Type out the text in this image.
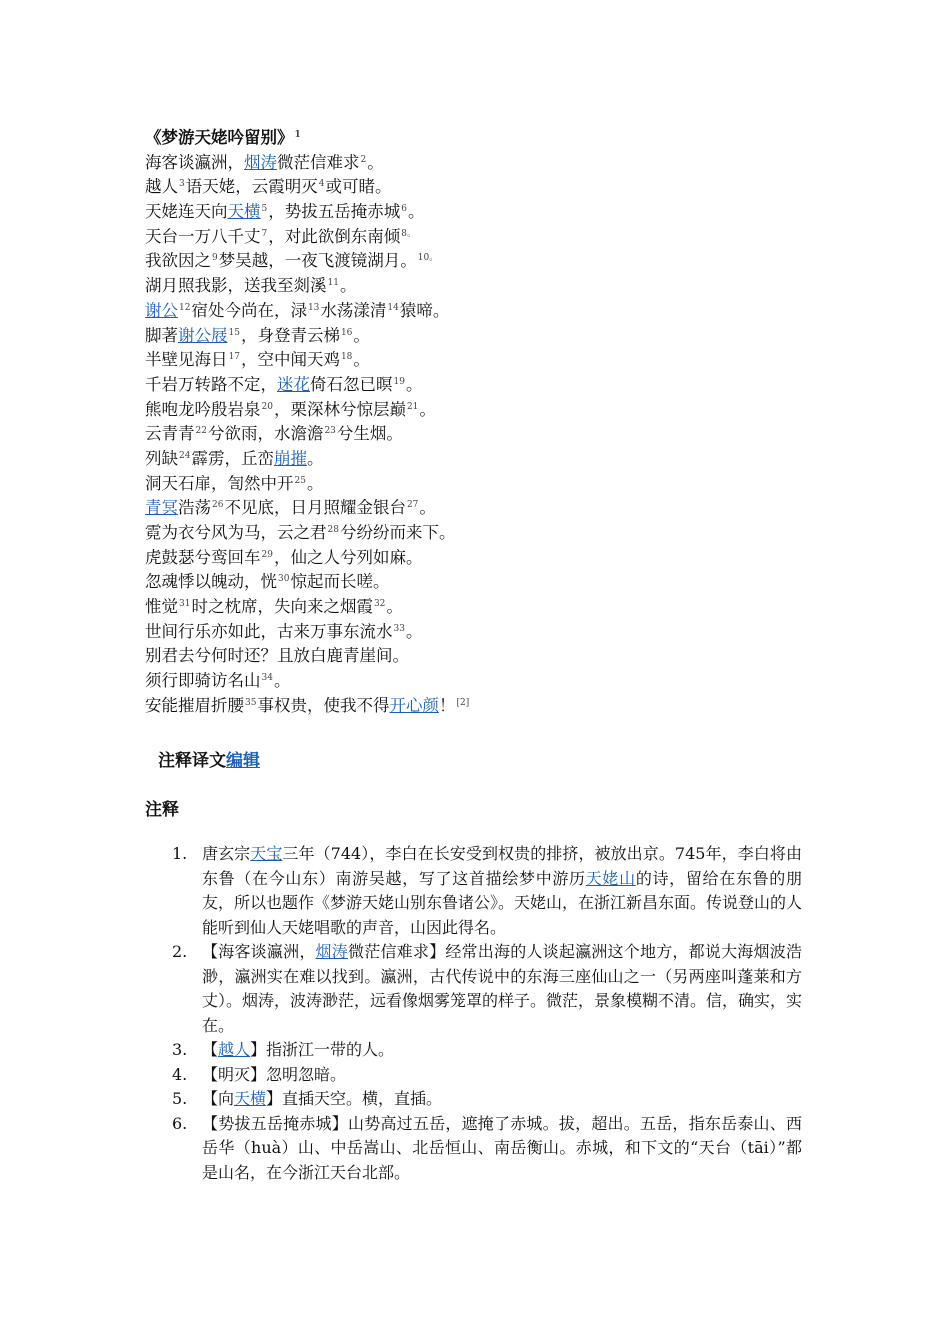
《梦游天姥吟留别》$^1$
海客谈瀛洲，烟涛微茫信难求$^2$。
越人$^3$语天姥，云霞明灭$^4$或可睹。
天姥连天向天横$^5$，势拔五岳掩赤城$^6$。
天台一万八千丈$^7$，对此欲倒东南倾$^{8。}$
我欲因之$^9$梦吴越，一夜飞渡镜湖月。$^{10。}$
湖月照我影，送我至剡溪$^{11}$。
谢公$^{12}$宿处今尚在，渌$^{13}$水荡漾清$^{14}$猿啼。
脚著谢公屐$^{15}$，身登青云梯$^{16}$。
半壁见海日$^{17}$，空中闻天鸡$^{18}$。
千岩万转路不定，迷花倚石忽已暝$^{19}$。
熊咆龙吟殷岩泉$^{20}$，栗深林兮惊层巅$^{21}$。
云青青$^{22}$兮欲雨，水澹澹$^{23}$兮生烟。
列缺$^{24}$霹雳，丘峦崩摧。
洞天石扉，訇然中开$^{25}$。
青冥浩荡$^{26}$不见底，日月照耀金银台$^{27}$。
霓为衣兮风为马，云之君$^{28}$兮纷纷而来下。
虎鼓瑟兮鸾回车$^{29}$，仙之人兮列如麻。
忽魂悸以魄动，恍$^{30}$惊起而长嗟。
惟觉$^{31}$时之枕席，失向来之烟霞$^{32}$。
世间行乐亦如此，古来万事东流水$^{33}$。
别君去兮何时还？且放白鹿青崖间。
须行即骑访名山$^{34}$。
安能摧眉折腰$^{35}$事权贵，使我不得开心颜！[2]
注释译文编辑
注释
1. 唐玄宗天宝三年（744），李白在长安受到权贵的排挤，被放出京。745年，李白将由东鲁（在今山东）南游吴越，写了这首描绘梦中游历天姥山的诗，留给在东鲁的朋友，所以也题作《梦游天姥山别东鲁诸公》。天姥山，在浙江新昌东面。传说登山的人能听到仙人天姥唱歌的声音，山因此得名。
2. 【海客谈瀛洲，烟涛微茫信难求】经常出海的人谈起瀛洲这个地方，都说大海烟波浩渺，瀛洲实在难以找到。瀛洲，古代传说中的东海三座仙山之一（另两座叫蓬莱和方丈）。烟涛，波涛渺茫，远看像烟雾笼罩的样子。微茫，景象模糊不清。信，确实，实在。
3. 【越人】指浙江一带的人。
4. 【明灭】忽明忽暗。
5. 【向天横】直插天空。横，直插。
6. 【势拔五岳掩赤城】山势高过五岳，遮掩了赤城。拔，超出。五岳，指东岳泰山、西岳华（huà）山、中岳嵩山、北岳恒山、南岳衡山。赤城，和下文的“天台（tāi）”都是山名，在今浙江天台北部。
